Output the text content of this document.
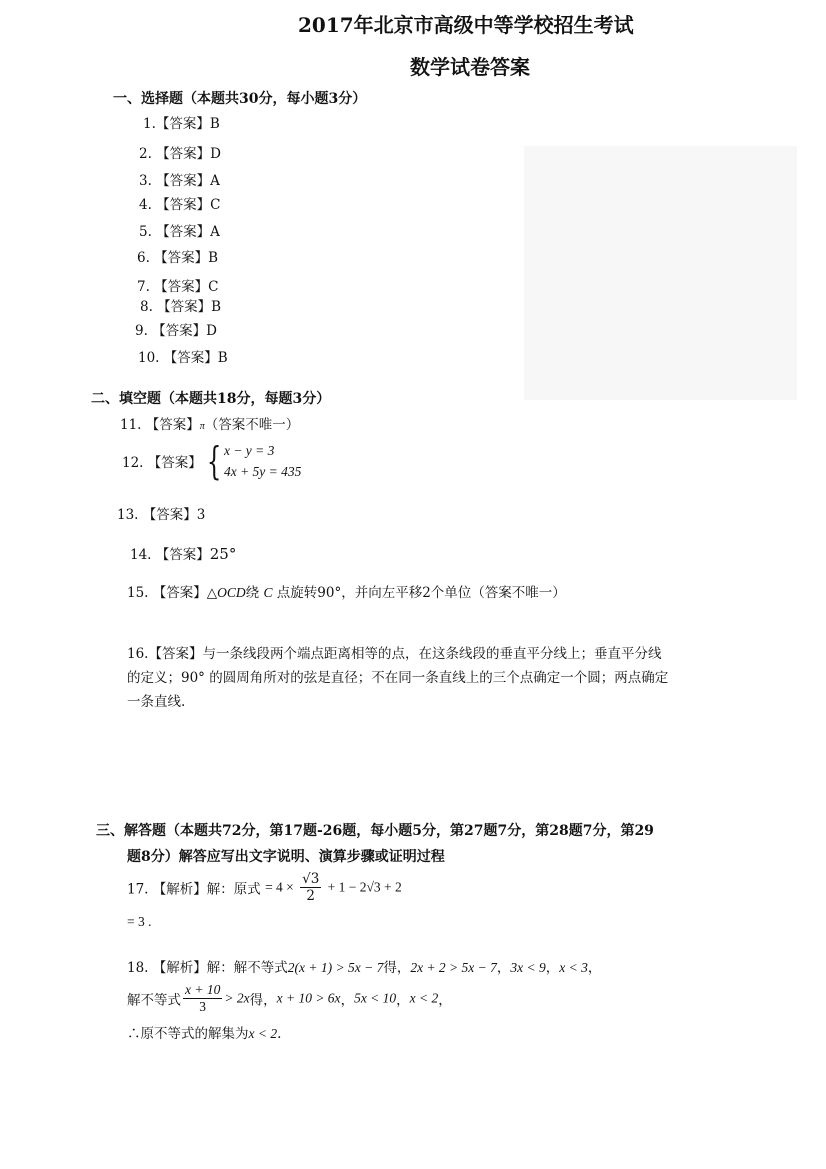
2017年北京市高级中等学校招生考试
数学试卷答案
一、选择题（本题共30分，每小题3分）
1.【答案】B
2. 【答案】D
3. 【答案】A
4. 【答案】C
5. 【答案】A
6. 【答案】B
7. 【答案】C
8. 【答案】B
9. 【答案】D
10. 【答案】B
二、填空题（本题共18分，每题3分）
11. 【答案】π（答案不唯一）
12. 【答案】 { x − y = 3
4x + 5y = 435
13. 【答案】3
14. 【答案】25°
15. 【答案】△OCD绕 C 点旋转90°，并向左平移2个单位（答案不唯一）
16.【答案】与一条线段两个端点距离相等的点，在这条线段的垂直平分线上；垂直平分线
的定义；90° 的圆周角所对的弦是直径；不在同一条直线上的三个点确定一个圆；两点确定
一条直线.
三、解答题（本题共72分，第17题-26题，每小题5分，第27题7分，第28题7分，第29
题8分）解答应写出文字说明、演算步骤或证明过程
17. 【解析】解：原式 = $4 \times \frac{√3}{2} + 1 - 2√3 + 2$
= 3 .
18. 【解析】解：解不等式2(x + 1) > 5x − 7得，2x + 2 > 5x − 7，3x < 9，x < 3，
解不等式 $\frac{x + 10}{3} > 2x$得，x + 10 > 6x，5x < 10，x < 2，
∴原不等式的解集为x < 2.
